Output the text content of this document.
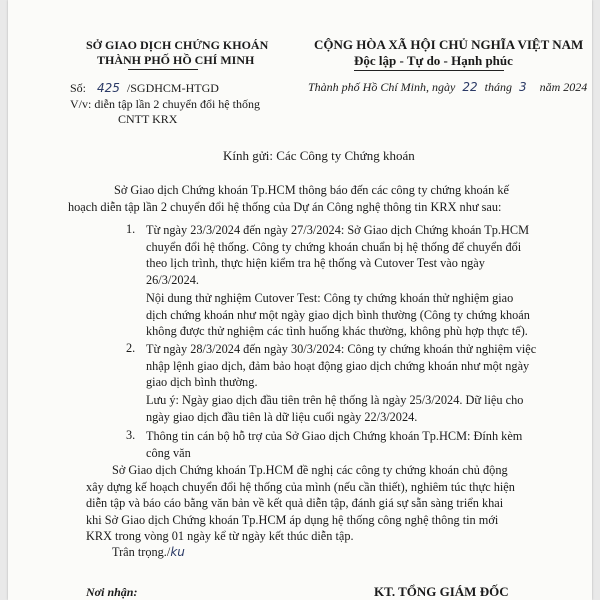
SỞ GIAO DỊCH CHỨNG KHOÁN
THÀNH PHỐ HỒ CHÍ MINH
CỘNG HÒA XÃ HỘI CHỦ NGHĨA VIỆT NAM
Độc lập - Tự do - Hạnh phúc
Số: 425 /SGDHCM-HTGD
V/v: diễn tập lần 2 chuyển đổi hệ thống
CNTT KRX
Thành phố Hồ Chí Minh, ngày 22 tháng 3 năm 2024
Kính gửi: Các Công ty Chứng khoán
Sở Giao dịch Chứng khoán Tp.HCM thông báo đến các công ty chứng khoán kế
hoạch diễn tập lần 2 chuyển đổi hệ thống của Dự án Công nghệ thông tin KRX như sau:
1. Từ ngày 23/3/2024 đến ngày 27/3/2024: Sở Giao dịch Chứng khoán Tp.HCM
chuyển đổi hệ thống. Công ty chứng khoán chuẩn bị hệ thống để chuyển đổi
theo lịch trình, thực hiện kiểm tra hệ thống và Cutover Test vào ngày
26/3/2024.
Nội dung thử nghiệm Cutover Test: Công ty chứng khoán thử nghiệm giao
dịch chứng khoán như một ngày giao dịch bình thường (Công ty chứng khoán
không được thử nghiệm các tình huống khác thường, không phù hợp thực tế).
2. Từ ngày 28/3/2024 đến ngày 30/3/2024: Công ty chứng khoán thử nghiệm việc
nhập lệnh giao dịch, đảm bảo hoạt động giao dịch chứng khoán như một ngày
giao dịch bình thường.
Lưu ý: Ngày giao dịch đầu tiên trên hệ thống là ngày 25/3/2024. Dữ liệu cho
ngày giao dịch đầu tiên là dữ liệu cuối ngày 22/3/2024.
3. Thông tin cán bộ hỗ trợ của Sở Giao dịch Chứng khoán Tp.HCM: Đính kèm
công văn
Sở Giao dịch Chứng khoán Tp.HCM đề nghị các công ty chứng khoán chủ động
xây dựng kế hoạch chuyển đổi hệ thống của mình (nếu cần thiết), nghiêm túc thực hiện
diễn tập và báo cáo bằng văn bản về kết quả diễn tập, đánh giá sự sẵn sàng triển khai
khi Sở Giao dịch Chứng khoán Tp.HCM áp dụng hệ thống công nghệ thông tin mới
KRX trong vòng 01 ngày kể từ ngày kết thúc diễn tập.
Trân trọng./ku
Nơi nhận:	KT. TỔNG GIÁM ĐỐC
